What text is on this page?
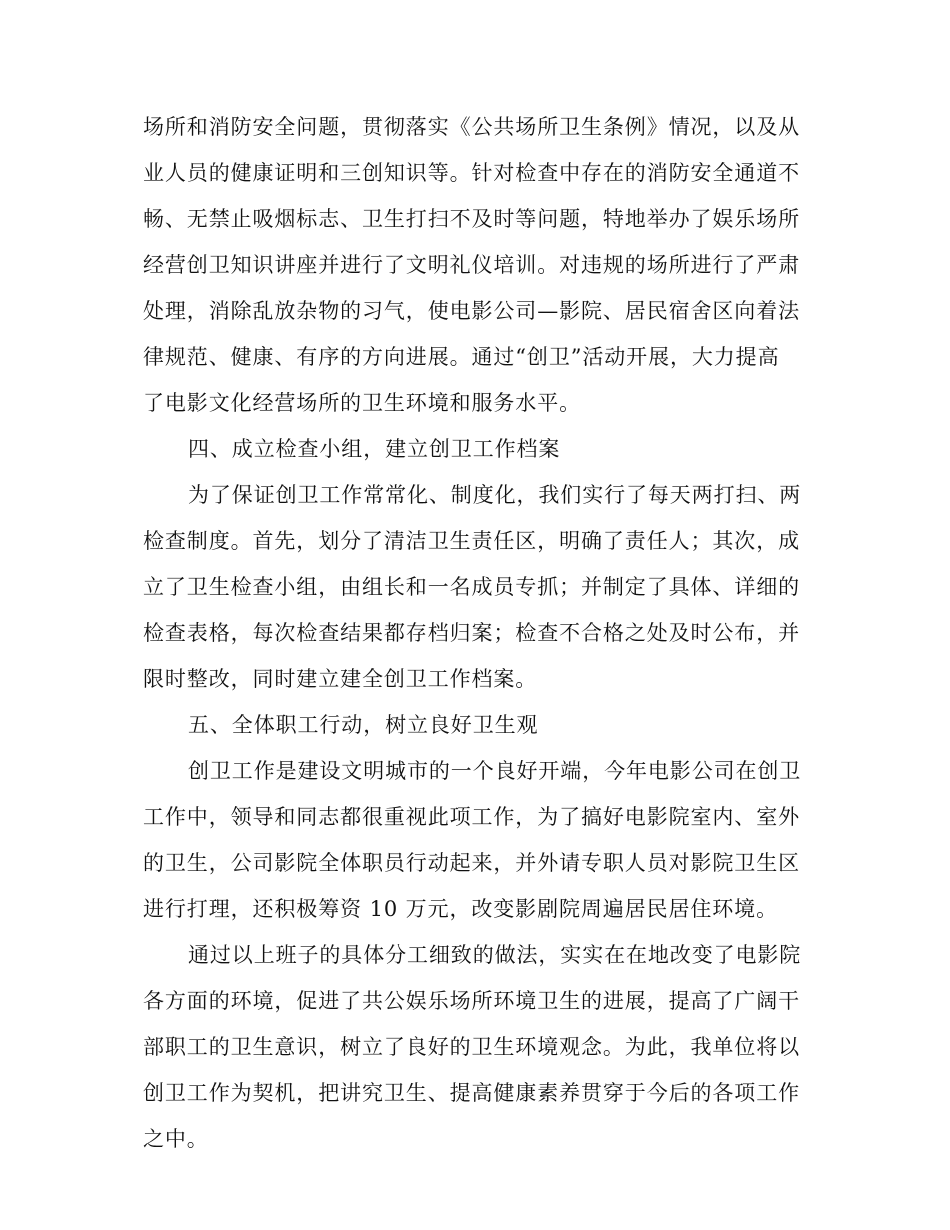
场所和消防安全问题，贯彻落实《公共场所卫生条例》情况，以及从
业人员的健康证明和三创知识等。针对检查中存在的消防安全通道不
畅、无禁止吸烟标志、卫生打扫不及时等问题，特地举办了娱乐场所
经营创卫知识讲座并进行了文明礼仪培训。对违规的场所进行了严肃
处理，消除乱放杂物的习气，使电影公司—影院、居民宿舍区向着法
律规范、健康、有序的方向进展。通过“创卫”活动开展，大力提高
了电影文化经营场所的卫生环境和服务水平。
四、成立检查小组，建立创卫工作档案
为了保证创卫工作常常化、制度化，我们实行了每天两打扫、两
检查制度。首先，划分了清洁卫生责任区，明确了责任人；其次，成
立了卫生检查小组，由组长和一名成员专抓；并制定了具体、详细的
检查表格，每次检查结果都存档归案；检查不合格之处及时公布，并
限时整改，同时建立建全创卫工作档案。
五、全体职工行动，树立良好卫生观
创卫工作是建设文明城市的一个良好开端，今年电影公司在创卫
工作中，领导和同志都很重视此项工作，为了搞好电影院室内、室外
的卫生，公司影院全体职员行动起来，并外请专职人员对影院卫生区
进行打理，还积极筹资 10 万元，改变影剧院周遍居民居住环境。
通过以上班子的具体分工细致的做法，实实在在地改变了电影院
各方面的环境，促进了共公娱乐场所环境卫生的进展，提高了广阔干
部职工的卫生意识，树立了良好的卫生环境观念。为此，我单位将以
创卫工作为契机，把讲究卫生、提高健康素养贯穿于今后的各项工作
之中。
